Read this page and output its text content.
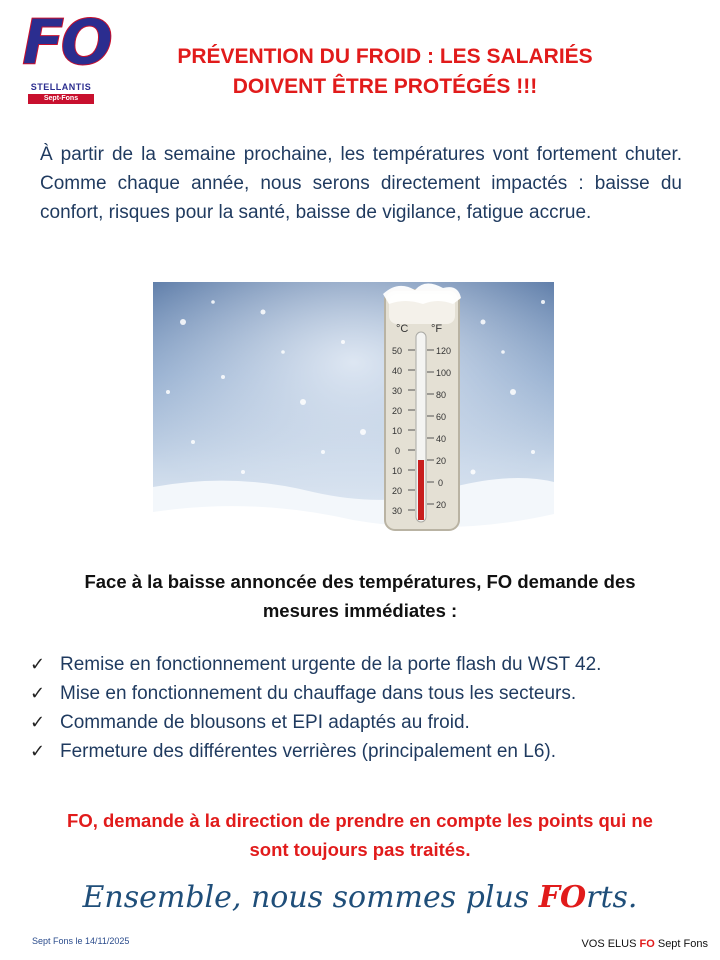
FO
STELLANTIS
Sept-Fons
PRÉVENTION DU FROID : LES SALARIÉS
DOIVENT ÊTRE PROTÉGÉS !!!
À partir de la semaine prochaine, les températures vont fortement chuter. Comme chaque année, nous serons directement impactés : baisse du confort, risques pour la santé, baisse de vigilance, fatigue accrue.
°C °F
50
40
30
20
10
0
10
20
30
120
100
80
60
40
20
0
20
Face à la baisse annoncée des températures, FO demande des
mesures immédiates :
✓ Remise en fonctionnement urgente de la porte flash du WST 42.
✓ Mise en fonctionnement du chauffage dans tous les secteurs.
✓ Commande de blousons et EPI adaptés au froid.
✓ Fermeture des différentes verrières (principalement en L6).
FO, demande à la direction de prendre en compte les points qui ne
sont toujours pas traités.
Ensemble, nous sommes plus FOrts.
Sept Fons le 14/11/2025	VOS ELUS FO Sept Fons
